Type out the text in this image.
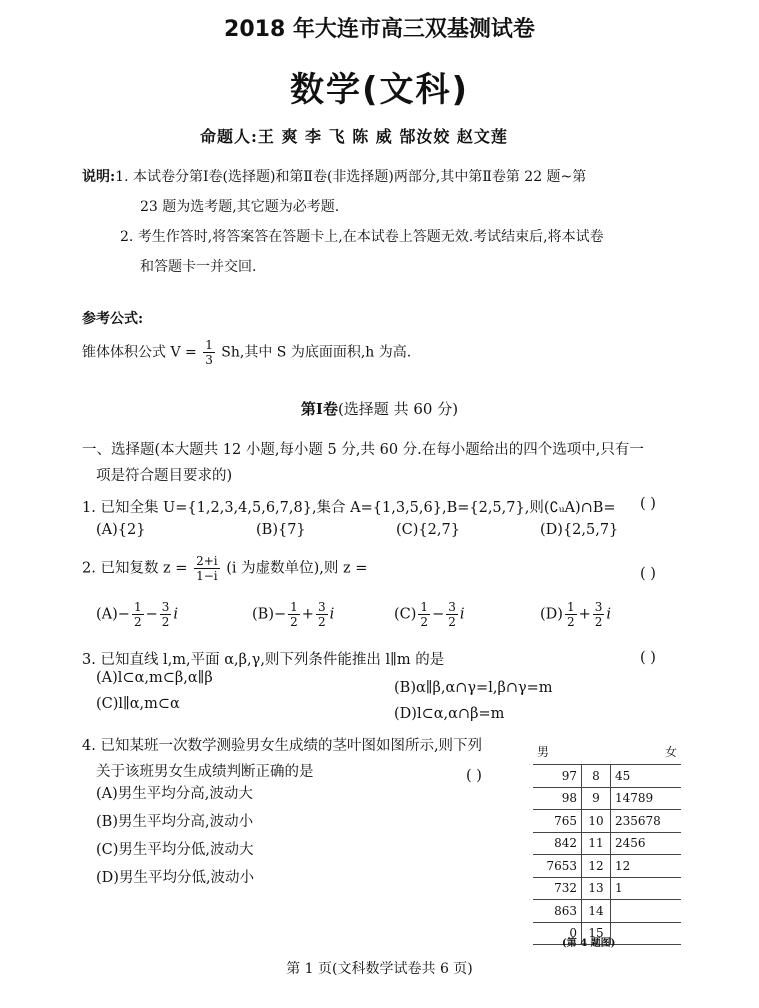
2018 年大连市高三双基测试卷
数学(文科)
命题人:王 爽 李 飞 陈 威 郜汝姣 赵文莲
说明:1. 本试卷分第Ⅰ卷(选择题)和第Ⅱ卷(非选择题)两部分,其中第Ⅱ卷第 22 题~第
23 题为选考题,其它题为必考题.
2. 考生作答时,将答案答在答题卡上,在本试卷上答题无效.考试结束后,将本试卷
和答题卡一并交回.
参考公式:
锥体体积公式 $V = \frac{1}{3} Sh$,其中 S 为底面面积,h 为高.
第Ⅰ卷(选择题 共 60 分)
一、选择题(本大题共 12 小题,每小题 5 分,共 60 分.在每小题给出的四个选项中,只有一
项是符合题目要求的)
1. 已知全集 U={1,2,3,4,5,6,7,8},集合 A={1,3,5,6},B={2,5,7},则(∁ᵤA)∩B= ( )
(A){2}	(B){7}	(C){2,7}	(D){2,5,7}
2. 已知复数 $z = \frac{2+i}{1-i} (i$ 为虚数单位),则 z =	( )
$(A)- \frac{1}{2} - \frac{3}{2}$ i	$(B)- \frac{1}{2} + \frac{3}{2}$ i	$(C) \frac{1}{2} - \frac{3}{2}$ i	$(D) \frac{1}{2} + \frac{3}{2}$ i
3. 已知直线 l,m,平面 α,β,γ,则下列条件能推出 l∥m 的是	( )
(A)l⊂α,m⊂β,α∥β
(B)α∥β,α∩γ=l,β∩γ=m
(C)l∥α,m⊂α
(D)l⊂α,α∩β=m
4. 已知某班一次数学测验男女生成绩的茎叶图如图所示,则下列
关于该班男女生成绩判断正确的是	( )
(A)男生平均分高,波动大
(B)男生平均分高,波动小
(C)男生平均分低,波动大
(D)男生平均分低,波动小
男		女
97	8	45
98	9	14789
765	10	235678
842	11	2456
7653	12	12
732	13	1
863	14	
0	15	
(第 4 题图)
第 1 页(文科数学试卷共 6 页)
